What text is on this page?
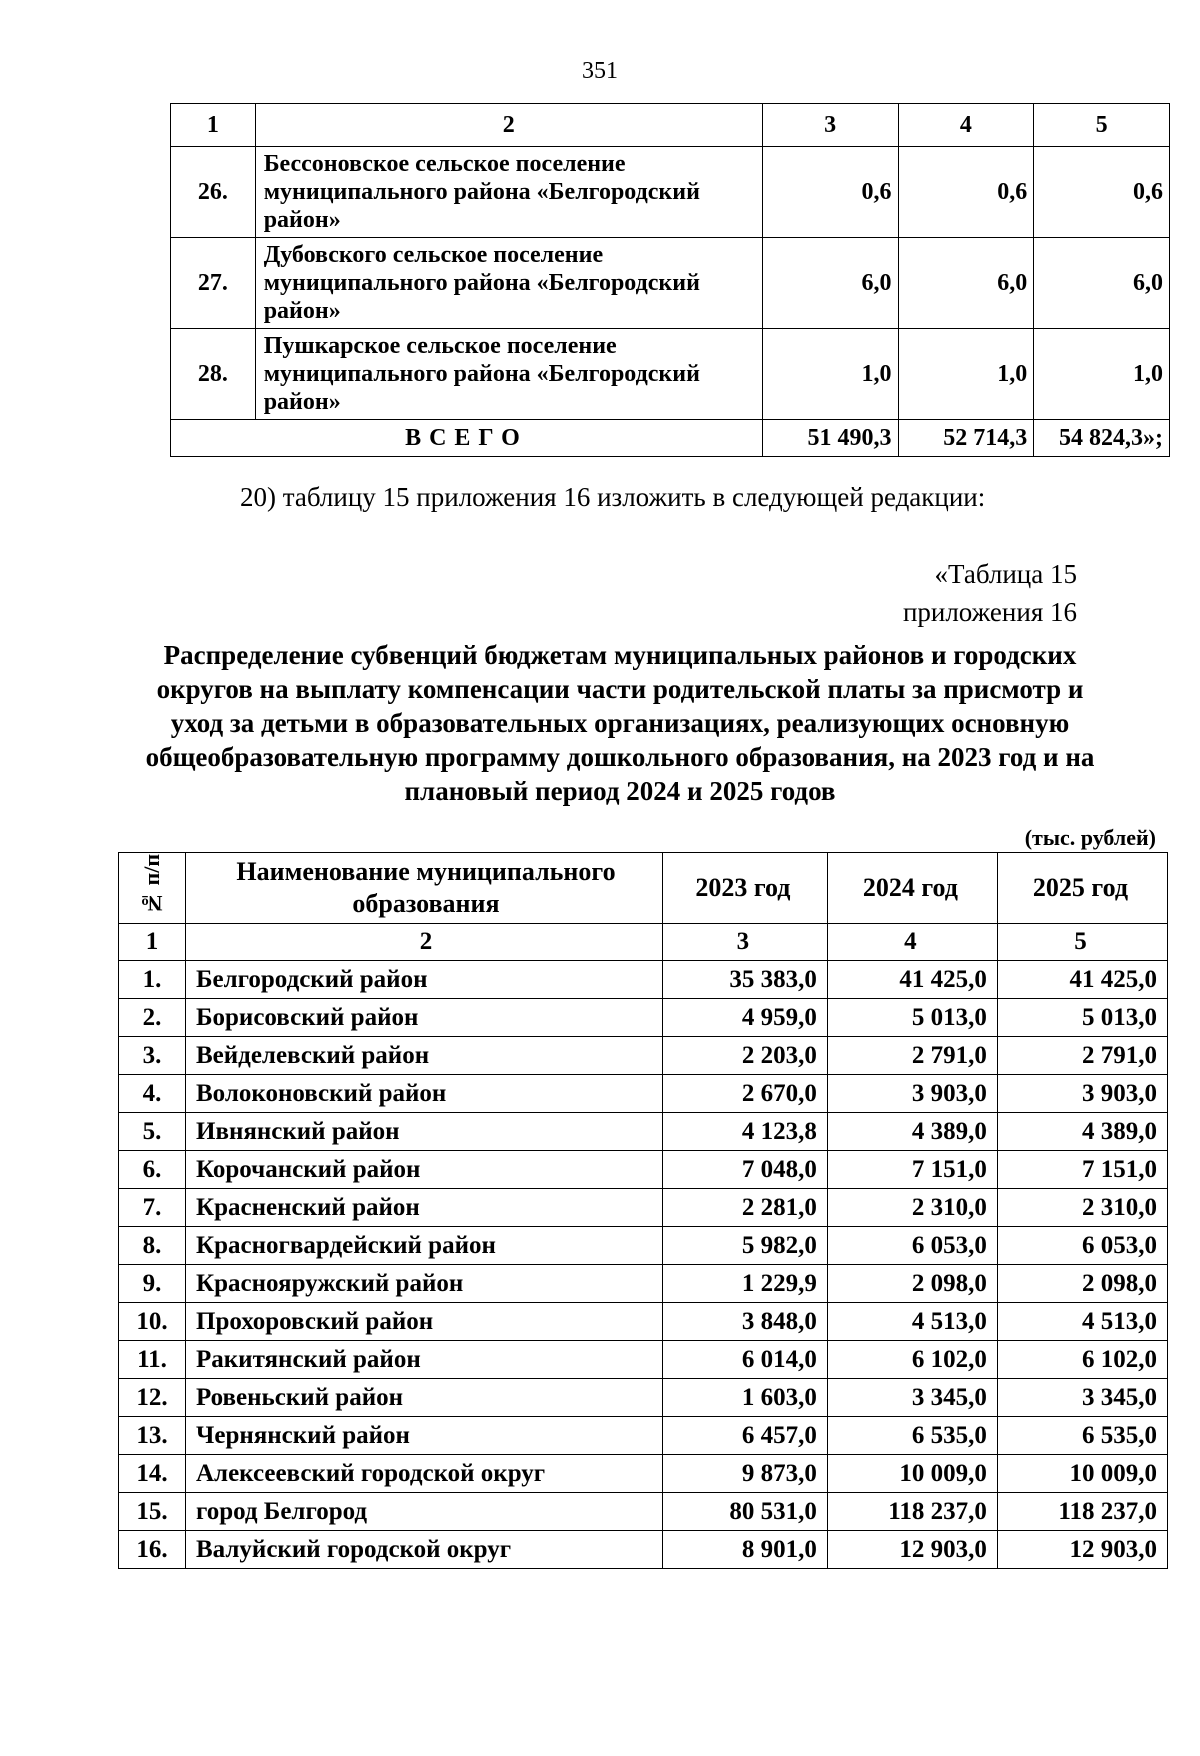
351
1	2	3	4	5
26.	Бессоновское сельское поселение муниципального района «Белгородский район»	0,6	0,6	0,6
27.	Дубовского сельское поселение муниципального района «Белгородский район»	6,0	6,0	6,0
28.	Пушкарское сельское поселение муниципального района «Белгородский район»	1,0	1,0	1,0
ВСЕГО		51 490,3	52 714,3	54 824,3»;
20) таблицу 15 приложения 16 изложить в следующей редакции:
«Таблица 15
приложения 16
Распределение субвенций бюджетам муниципальных районов и городских округов на выплату компенсации части родительской платы за присмотр и уход за детьми в образовательных организациях, реализующих основную общеобразовательную программу дошкольного образования, на 2023 год и на плановый период 2024 и 2025 годов
(тыс. рублей)
№ п/п	Наименование муниципального образования	2023 год	2024 год	2025 год
1	2	3	4	5
1.	Белгородский район	35 383,0	41 425,0	41 425,0
2.	Борисовский район	4 959,0	5 013,0	5 013,0
3.	Вейделевский район	2 203,0	2 791,0	2 791,0
4.	Волоконовский район	2 670,0	3 903,0	3 903,0
5.	Ивнянский район	4 123,8	4 389,0	4 389,0
6.	Корочанский район	7 048,0	7 151,0	7 151,0
7.	Красненский район	2 281,0	2 310,0	2 310,0
8.	Красногвардейский район	5 982,0	6 053,0	6 053,0
9.	Краснояружский район	1 229,9	2 098,0	2 098,0
10.	Прохоровский район	3 848,0	4 513,0	4 513,0
11.	Ракитянский район	6 014,0	6 102,0	6 102,0
12.	Ровеньский район	1 603,0	3 345,0	3 345,0
13.	Чернянский район	6 457,0	6 535,0	6 535,0
14.	Алексеевский городской округ	9 873,0	10 009,0	10 009,0
15.	город Белгород	80 531,0	118 237,0	118 237,0
16.	Валуйский городской округ	8 901,0	12 903,0	12 903,0
